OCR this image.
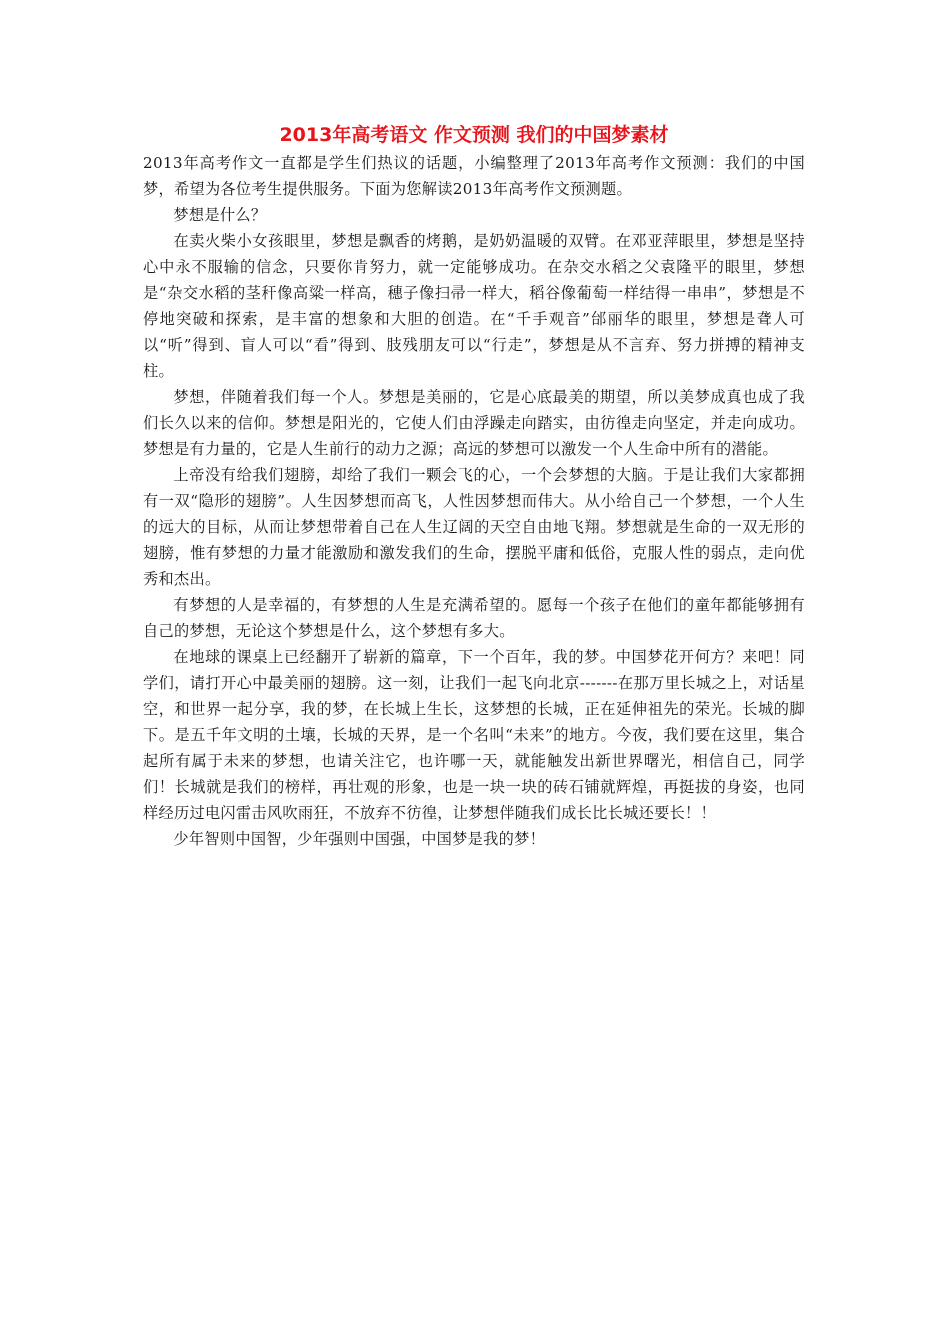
2013年高考语文 作文预测 我们的中国梦素材

2013年高考作文一直都是学生们热议的话题，小编整理了2013年高考作文预测：我们的中国梦，希望为各位考生提供服务。下面为您解读2013年高考作文预测题。

梦想是什么？

在卖火柴小女孩眼里，梦想是飘香的烤鹅，是奶奶温暖的双臂。在邓亚萍眼里，梦想是坚持心中永不服输的信念，只要你肯努力，就一定能够成功。在杂交水稻之父袁隆平的眼里，梦想是“杂交水稻的茎秆像高粱一样高，穗子像扫帚一样大，稻谷像葡萄一样结得一串串”，梦想是不停地突破和探索，是丰富的想象和大胆的创造。在“千手观音”邰丽华的眼里，梦想是聋人可以“听”得到、盲人可以“看”得到、肢残朋友可以“行走”，梦想是从不言弃、努力拼搏的精神支柱。

梦想，伴随着我们每一个人。梦想是美丽的，它是心底最美的期望，所以美梦成真也成了我们长久以来的信仰。梦想是阳光的，它使人们由浮躁走向踏实，由彷徨走向坚定，并走向成功。梦想是有力量的，它是人生前行的动力之源；高远的梦想可以激发一个人生命中所有的潜能。

上帝没有给我们翅膀，却给了我们一颗会飞的心，一个会梦想的大脑。于是让我们大家都拥有一双“隐形的翅膀”。人生因梦想而高飞，人性因梦想而伟大。从小给自己一个梦想，一个人生的远大的目标，从而让梦想带着自己在人生辽阔的天空自由地飞翔。梦想就是生命的一双无形的翅膀，惟有梦想的力量才能激励和激发我们的生命，摆脱平庸和低俗，克服人性的弱点，走向优秀和杰出。

有梦想的人是幸福的，有梦想的人生是充满希望的。愿每一个孩子在他们的童年都能够拥有自己的梦想，无论这个梦想是什么，这个梦想有多大。

在地球的课桌上已经翻开了崭新的篇章，下一个百年，我的梦。中国梦花开何方？来吧！同学们，请打开心中最美丽的翅膀。这一刻，让我们一起飞向北京-------在那万里长城之上，对话星空，和世界一起分享，我的梦，在长城上生长，这梦想的长城，正在延伸祖先的荣光。长城的脚下。是五千年文明的土壤，长城的天界，是一个名叫“未来”的地方。今夜，我们要在这里，集合起所有属于未来的梦想，也请关注它，也许哪一天，就能触发出新世界曙光，相信自己，同学们！长城就是我们的榜样，再壮观的形象，也是一块一块的砖石铺就辉煌，再挺拔的身姿，也同样经历过电闪雷击风吹雨狂，不放弃不彷徨，让梦想伴随我们成长比长城还要长！！

少年智则中国智，少年强则中国强，中国梦是我的梦！
